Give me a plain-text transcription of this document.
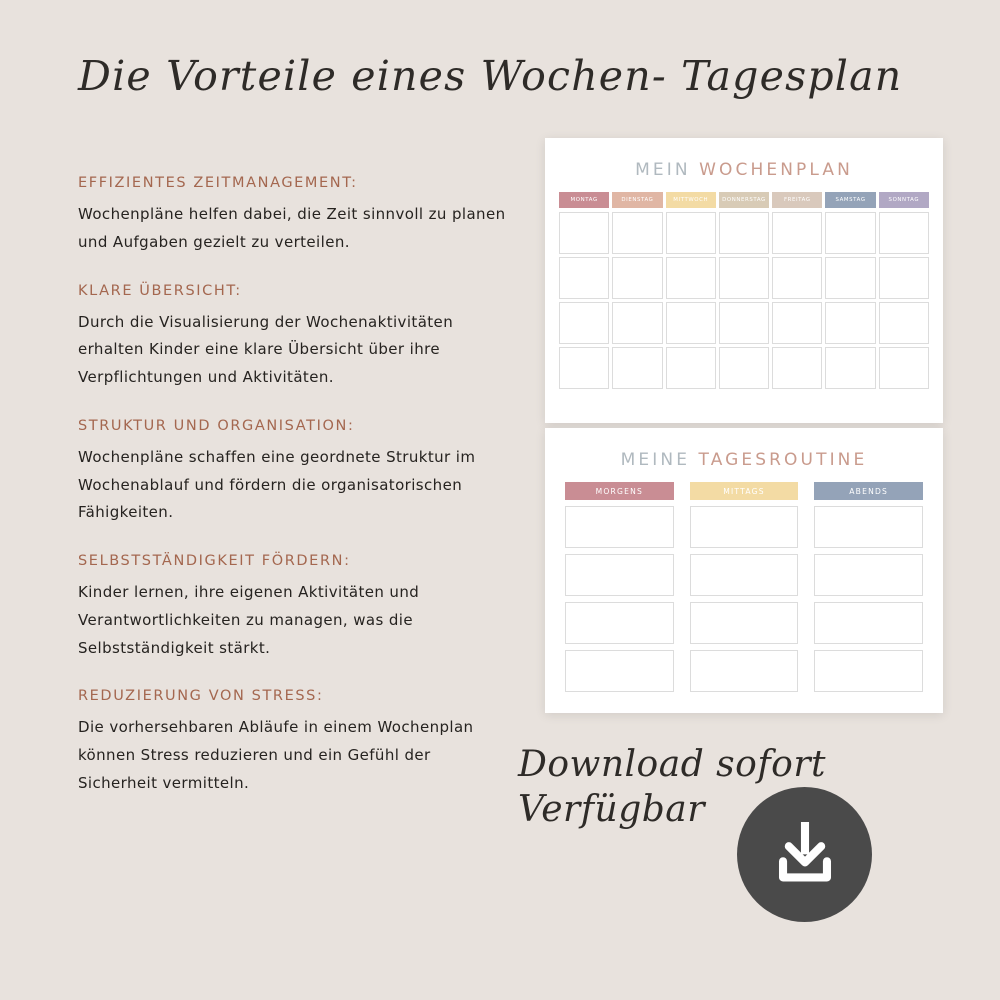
Die Vorteile eines Wochen- Tagesplan
EFFIZIENTES ZEITMANAGEMENT:
Wochenpläne helfen dabei, die Zeit sinnvoll zu planen und Aufgaben gezielt zu verteilen.
KLARE ÜBERSICHT:
Durch die Visualisierung der Wochenaktivitäten erhalten Kinder eine klare Übersicht über ihre Verpflichtungen und Aktivitäten.
STRUKTUR UND ORGANISATION:
Wochenpläne schaffen eine geordnete Struktur im Wochenablauf und fördern die organisatorischen Fähigkeiten.
SELBSTSTÄNDIGKEIT FÖRDERN:
Kinder lernen, ihre eigenen Aktivitäten und Verantwortlichkeiten zu managen, was die Selbstständigkeit stärkt.
REDUZIERUNG VON STRESS:
Die vorhersehbaren Abläufe in einem Wochenplan können Stress reduzieren und ein Gefühl der Sicherheit vermitteln.
MEIN WOCHENPLAN
MONTAG	DIENSTAG	MITTWOCH	DONNERSTAG	FREITAG	SAMSTAG	SONNTAG
MEINE TAGESROUTINE
MORGENS	MITTAGS	ABENDS
Download sofort
Verfügbar
